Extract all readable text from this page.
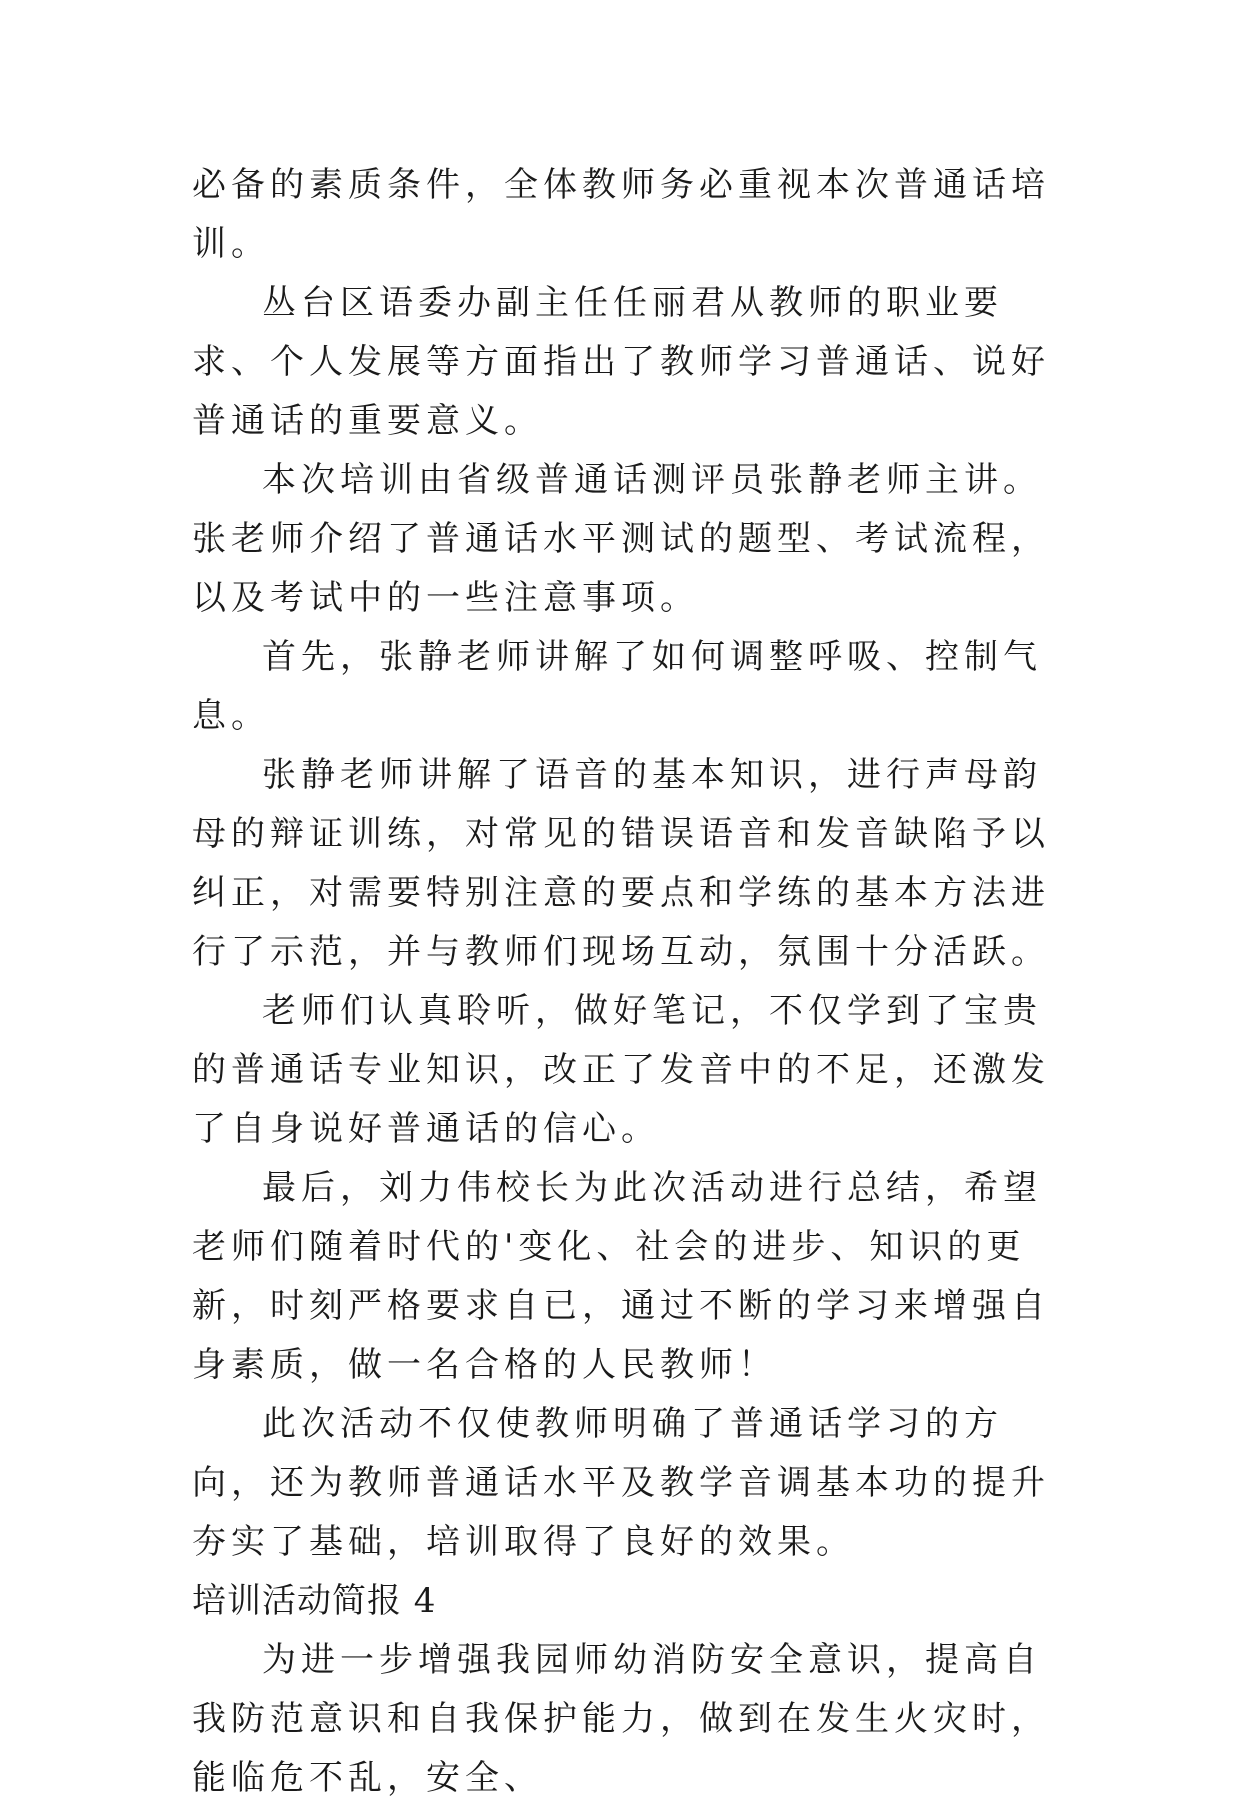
必备的素质条件，全体教师务必重视本次普通话培训。

丛台区语委办副主任任丽君从教师的职业要求、个人发展等方面指出了教师学习普通话、说好普通话的重要意义。

本次培训由省级普通话测评员张静老师主讲。张老师介绍了普通话水平测试的题型、考试流程，以及考试中的一些注意事项。

首先，张静老师讲解了如何调整呼吸、控制气息。

张静老师讲解了语音的基本知识，进行声母韵母的辩证训练，对常见的错误语音和发音缺陷予以纠正，对需要特别注意的要点和学练的基本方法进行了示范，并与教师们现场互动，氛围十分活跃。

老师们认真聆听，做好笔记，不仅学到了宝贵的普通话专业知识，改正了发音中的不足，还激发了自身说好普通话的信心。

最后，刘力伟校长为此次活动进行总结，希望老师们随着时代的'变化、社会的进步、知识的更新，时刻严格要求自已，通过不断的学习来增强自身素质，做一名合格的人民教师！

此次活动不仅使教师明确了普通话学习的方向，还为教师普通话水平及教学音调基本功的提升夯实了基础，培训取得了良好的效果。

培训活动简报 4

为进一步增强我园师幼消防安全意识，提高自我防范意识和自我保护能力，做到在发生火灾时，能临危不乱，安全、
